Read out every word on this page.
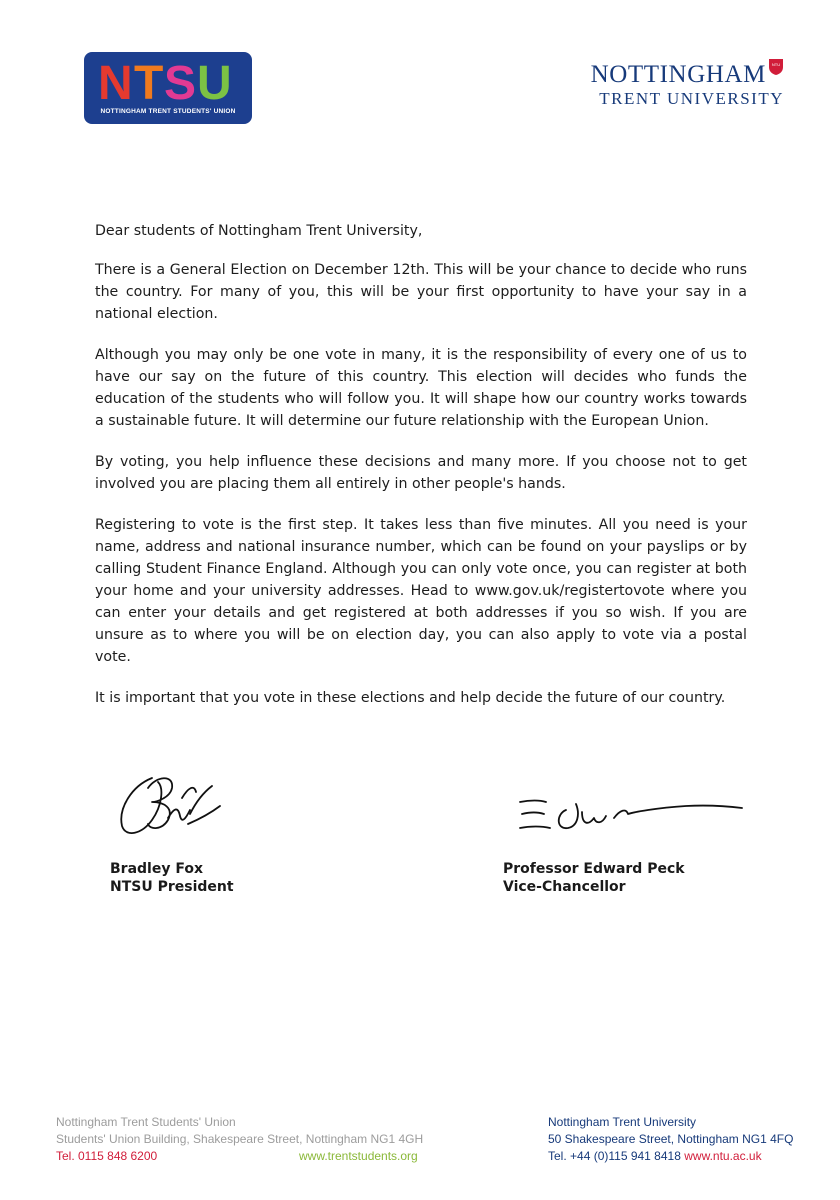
N T S U
NOTTINGHAM TRENT STUDENTS' UNION
NTU
NOTTINGHAM
TRENT UNIVERSITY

Dear students of Nottingham Trent University,

There is a General Election on December 12th. This will be your chance to decide who runs the country. For many of you, this will be your first opportunity to have your say in a national election.

Although you may only be one vote in many, it is the responsibility of every one of us to have our say on the future of this country. This election will decides who funds the education of the students who will follow you. It will shape how our country works towards a sustainable future. It will determine our future relationship with the European Union.

By voting, you help influence these decisions and many more. If you choose not to get involved you are placing them all entirely in other people's hands.

Registering to vote is the first step. It takes less than five minutes. All you need is your name, address and national insurance number, which can be found on your payslips or by calling Student Finance England. Although you can only vote once, you can register at both your home and your university addresses. Head to www.gov.uk/registertovote where you can enter your details and get registered at both addresses if you so wish. If you are unsure as to where you will be on election day, you can also apply to vote via a postal vote.

It is important that you vote in these elections and help decide the future of our country.

Bradley Fox
NTSU President
Professor Edward Peck
Vice-Chancellor
Nottingham Trent Students' Union
Students' Union Building, Shakespeare Street, Nottingham NG1 4GH
Tel. 0115 848 6200	www.trentstudents.org
Nottingham Trent University
50 Shakespeare Street, Nottingham NG1 4FQ
Tel. +44 (0)115 941 8418 www.ntu.ac.uk
